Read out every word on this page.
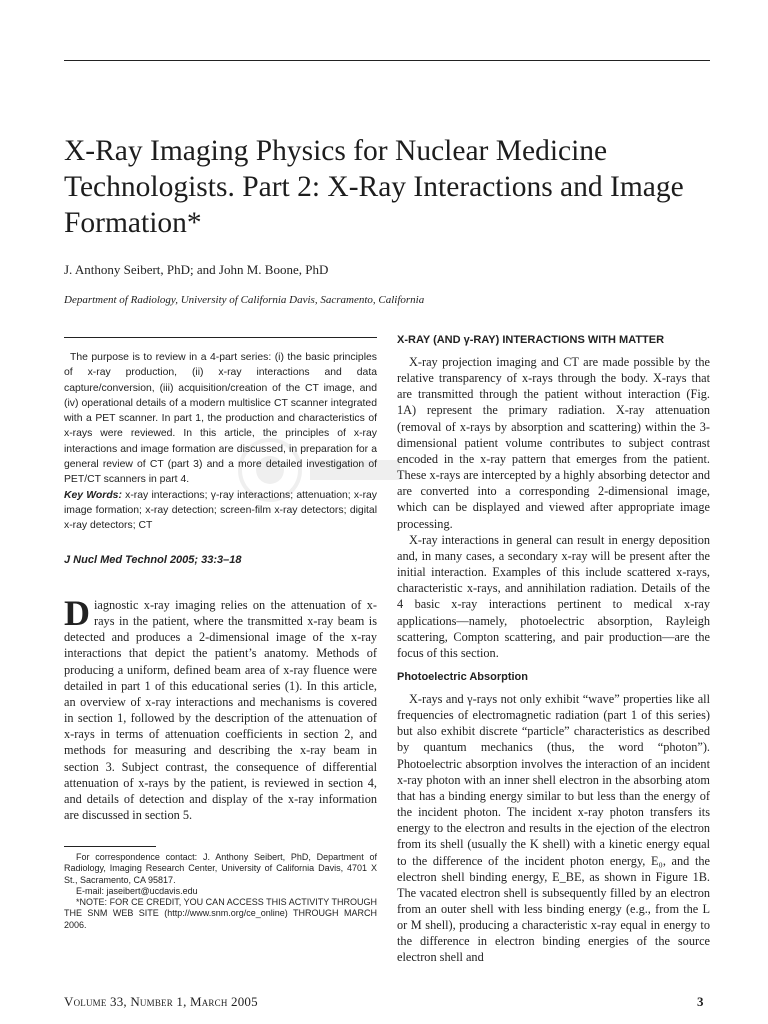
X-Ray Imaging Physics for Nuclear Medicine Technologists. Part 2: X-Ray Interactions and Image Formation*
J. Anthony Seibert, PhD; and John M. Boone, PhD
Department of Radiology, University of California Davis, Sacramento, California

The purpose is to review in a 4-part series: (i) the basic principles of x-ray production, (ii) x-ray interactions and data capture/conversion, (iii) acquisition/creation of the CT image, and (iv) operational details of a modern multislice CT scanner integrated with a PET scanner. In part 1, the production and characteristics of x-rays were reviewed. In this article, the principles of x-ray interactions and image formation are discussed, in preparation for a general review of CT (part 3) and a more detailed investigation of PET/CT scanners in part 4.

Key Words: x-ray interactions; γ-ray interactions; attenuation; x-ray image formation; x-ray detection; screen-film x-ray detectors; digital x-ray detectors; CT

J Nucl Med Technol 2005; 33:3–18
Diagnostic x-ray imaging relies on the attenuation of x-rays in the patient, where the transmitted x-ray beam is detected and produces a 2-dimensional image of the x-ray interactions that depict the patient’s anatomy. Methods of producing a uniform, defined beam area of x-ray fluence were detailed in part 1 of this educational series (1). In this article, an overview of x-ray interactions and mechanisms is covered in section 1, followed by the description of the attenuation of x-rays in terms of attenuation coefficients in section 2, and methods for measuring and describing the x-ray beam in section 3. Subject contrast, the consequence of differential attenuation of x-rays by the patient, is reviewed in section 4, and details of detection and display of the x-ray information are discussed in section 5.

For correspondence contact: J. Anthony Seibert, PhD, Department of Radiology, Imaging Research Center, University of California Davis, 4701 X St., Sacramento, CA 95817.

E-mail: jaseibert@ucdavis.edu

*NOTE: FOR CE CREDIT, YOU CAN ACCESS THIS ACTIVITY THROUGH THE SNM WEB SITE (http://www.snm.org/ce_online) THROUGH MARCH 2006.

Volume 33, Number 1, March 2005	3
X-RAY (AND γ-RAY) INTERACTIONS WITH MATTER

X-ray projection imaging and CT are made possible by the relative transparency of x-rays through the body. X-rays that are transmitted through the patient without interaction (Fig. 1A) represent the primary radiation. X-ray attenuation (removal of x-rays by absorption and scattering) within the 3-dimensional patient volume contributes to subject contrast encoded in the x-ray pattern that emerges from the patient. These x-rays are intercepted by a highly absorbing detector and are converted into a corresponding 2-dimensional image, which can be displayed and viewed after appropriate image processing.

X-ray interactions in general can result in energy deposition and, in many cases, a secondary x-ray will be present after the initial interaction. Examples of this include scattered x-rays, characteristic x-rays, and annihilation radiation. Details of the 4 basic x-ray interactions pertinent to medical x-ray applications—namely, photoelectric absorption, Rayleigh scattering, Compton scattering, and pair production—are the focus of this section.

Photoelectric Absorption

X-rays and γ-rays not only exhibit “wave” properties like all frequencies of electromagnetic radiation (part 1 of this series) but also exhibit discrete “particle” characteristics as described by quantum mechanics (thus, the word “photon”). Photoelectric absorption involves the interaction of an incident x-ray photon with an inner shell electron in the absorbing atom that has a binding energy similar to but less than the energy of the incident photon. The incident x-ray photon transfers its energy to the electron and results in the ejection of the electron from its shell (usually the K shell) with a kinetic energy equal to the difference of the incident photon energy, E₀, and the electron shell binding energy, E_BE, as shown in Figure 1B. The vacated electron shell is subsequently filled by an electron from an outer shell with less binding energy (e.g., from the L or M shell), producing a characteristic x-ray equal in energy to the difference in electron binding energies of the source electron shell and
